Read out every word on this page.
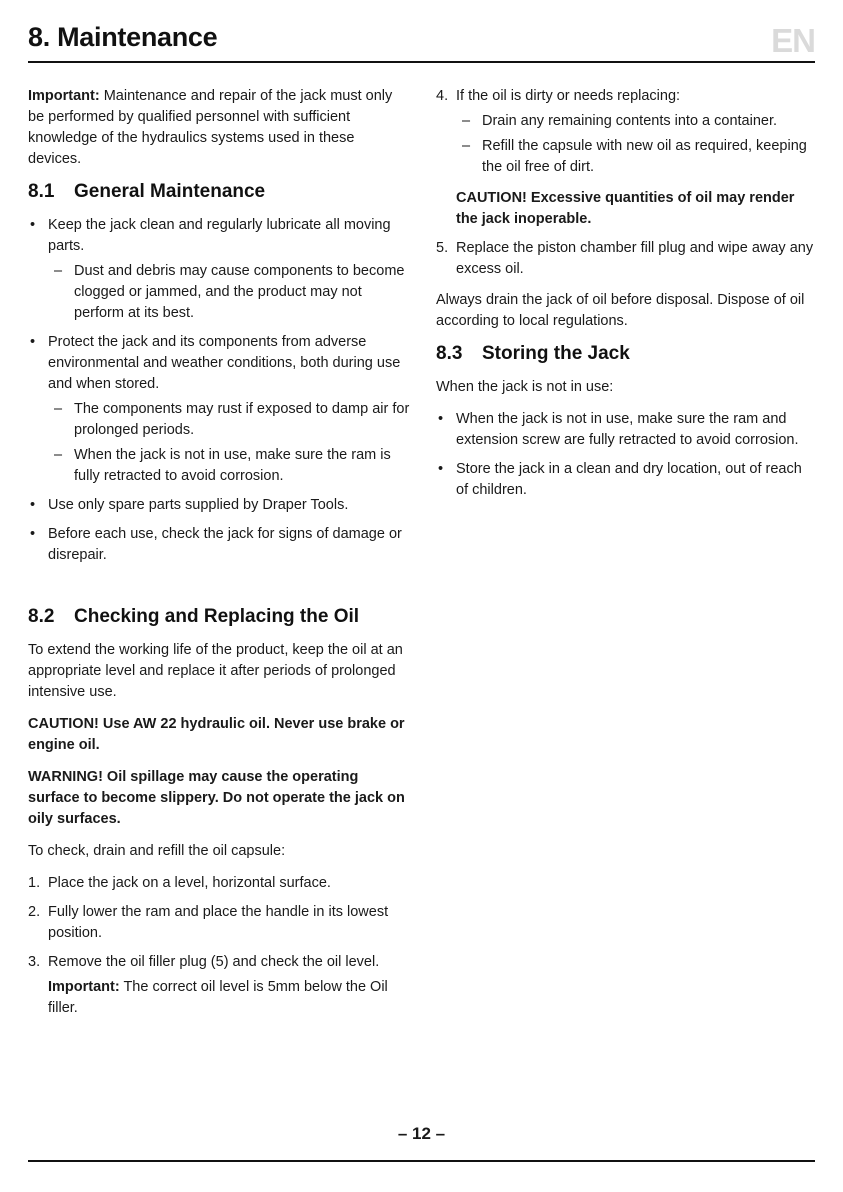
8. Maintenance	EN

Important: Maintenance and repair of the jack must only be performed by qualified personnel with sufficient knowledge of the hydraulics systems used in these devices.

8.1 General Maintenance
• Keep the jack clean and regularly lubricate all moving parts.
– Dust and debris may cause components to become clogged or jammed, and the product may not perform at its best.
• Protect the jack and its components from adverse environmental and weather conditions, both during use and when stored.
– The components may rust if exposed to damp air for prolonged periods.
– When the jack is not in use, make sure the ram is fully retracted to avoid corrosion.
• Use only spare parts supplied by Draper Tools.
• Before each use, check the jack for signs of damage or disrepair.
8.2 Checking and Replacing the Oil

To extend the working life of the product, keep the oil at an appropriate level and replace it after periods of prolonged intensive use.

CAUTION! Use AW 22 hydraulic oil. Never use brake or engine oil.

WARNING! Oil spillage may cause the operating surface to become slippery. Do not operate the jack on oily surfaces.

To check, drain and refill the oil capsule:

1. Place the jack on a level, horizontal surface.
2. Fully lower the ram and place the handle in its lowest position.
3. Remove the oil filler plug (5) and check the oil level.
Important: The correct oil level is 5mm below the Oil filler.
4. If the oil is dirty or needs replacing:
– Drain any remaining contents into a container.
– Refill the capsule with new oil as required, keeping the oil free of dirt.

CAUTION! Excessive quantities of oil may render the jack inoperable.

5. Replace the piston chamber fill plug and wipe away any excess oil.

Always drain the jack of oil before disposal. Dispose of oil according to local regulations.

8.3 Storing the Jack

When the jack is not in use:

• When the jack is not in use, make sure the ram and extension screw are fully retracted to avoid corrosion.
• Store the jack in a clean and dry location, out of reach of children.
– 12 –
